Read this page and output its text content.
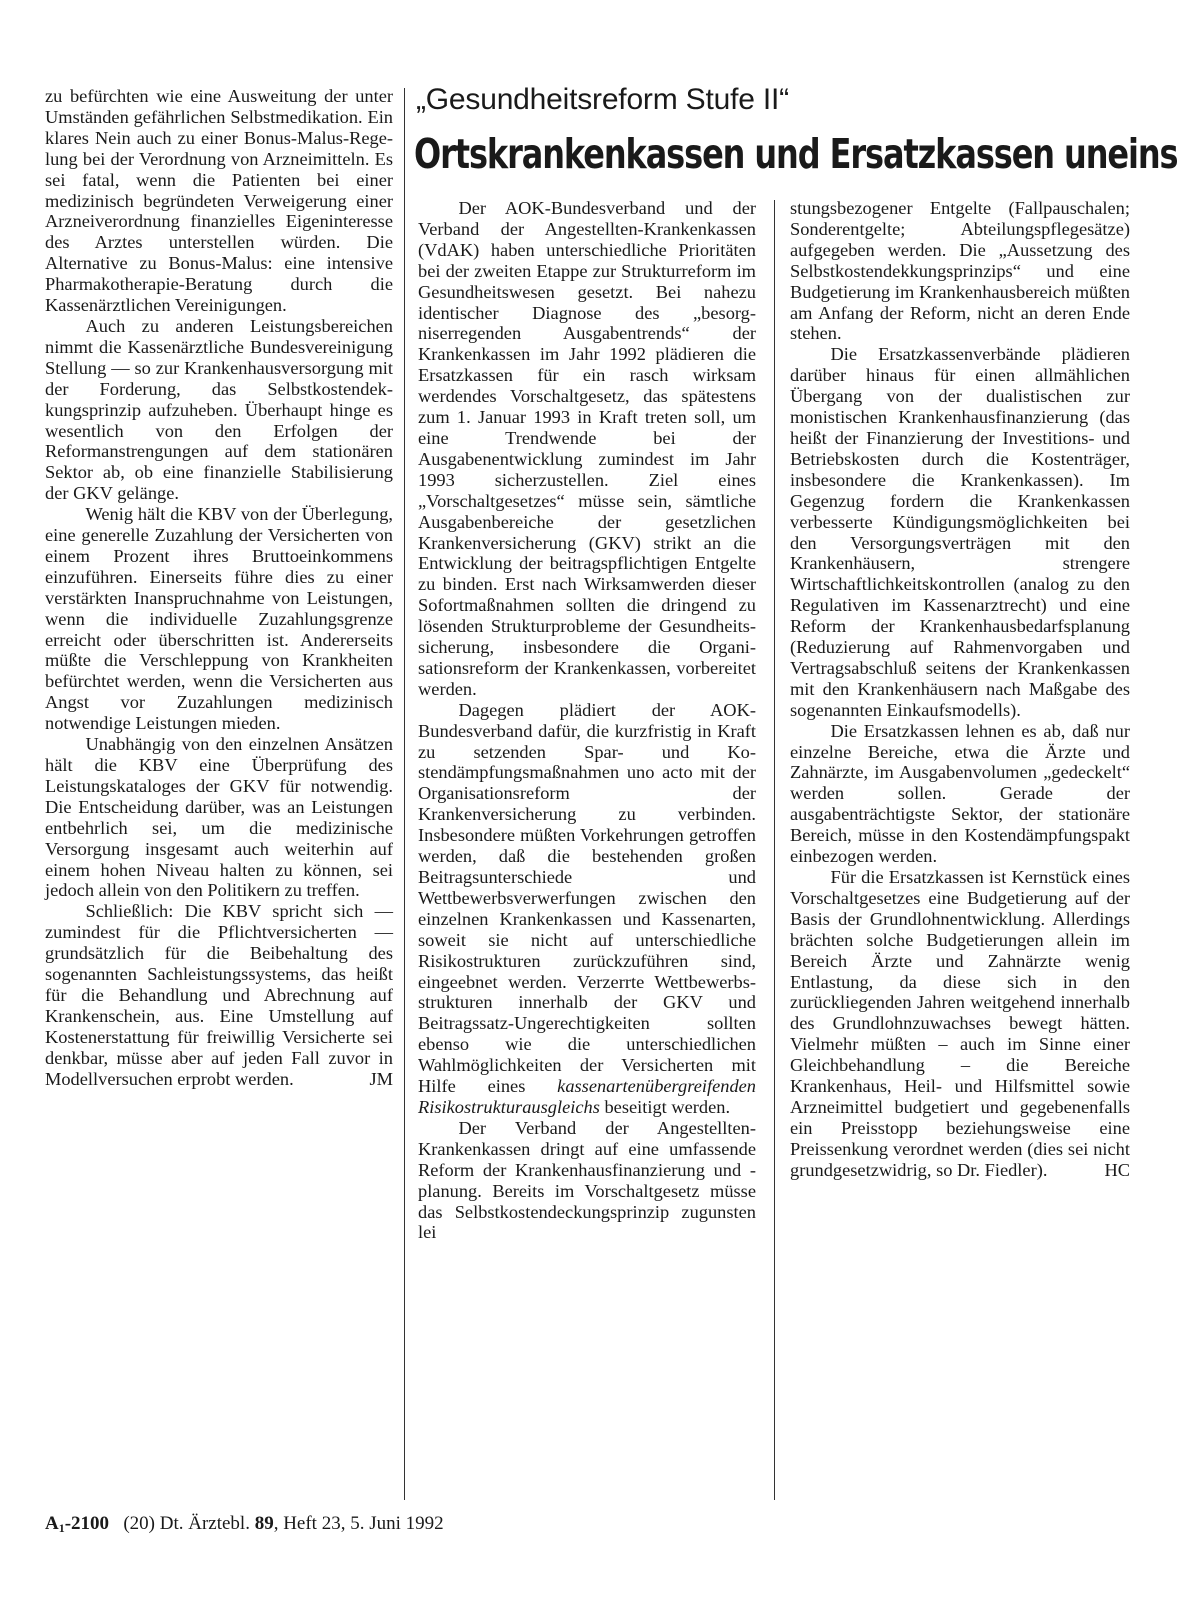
zu befürchten wie eine Ausweitung der unter Umständen gefährlichen Selbstmedikation. Ein klares Nein auch zu einer Bonus-Malus-Regelung bei der Verordnung von Arzneimitteln. Es sei fatal, wenn die Patienten bei einer medizinisch begründeten Verweigerung einer Arzneiverordnung finanzielles Eigeninteresse des Arztes unterstellen würden. Die Alternative zu Bonus-Malus: eine intensive Pharmakotherapie-Beratung durch die Kassenärztlichen Vereinigungen.

Auch zu anderen Leistungsbereichen nimmt die Kassenärztliche Bundesvereinigung Stellung — so zur Krankenhausversorgung mit der Forderung, das Selbstkostendekkungsprinzip aufzuheben. Überhaupt hinge es wesentlich von den Erfolgen der Reformanstrengungen auf dem stationären Sektor ab, ob eine finanzielle Stabilisierung der GKV gelänge.

Wenig hält die KBV von der Überlegung, eine generelle Zuzahlung der Versicherten von einem Prozent ihres Bruttoeinkommens einzuführen. Einerseits führe dies zu einer verstärkten Inanspruchnahme von Leistungen, wenn die individuelle Zuzahlungsgrenze erreicht oder überschritten ist. Andererseits müßte die Verschleppung von Krankheiten befürchtet werden, wenn die Versicherten aus Angst vor Zuzahlungen medizinisch notwendige Leistungen mieden.

Unabhängig von den einzelnen Ansätzen hält die KBV eine Überprüfung des Leistungskataloges der GKV für notwendig. Die Entscheidung darüber, was an Leistungen entbehrlich sei, um die medizinische Versorgung insgesamt auch weiterhin auf einem hohen Niveau halten zu können, sei jedoch allein von den Politikern zu treffen.

Schließlich: Die KBV spricht sich — zumindest für die Pflichtversicherten — grundsätzlich für die Beibehaltung des sogenannten Sachleistungssystems, das heißt für die Behandlung und Abrechnung auf Krankenschein, aus. Eine Umstellung auf Kostenerstattung für freiwillig Versicherte sei denkbar, müsse aber auf jeden Fall zuvor in Modellversuchen erprobt werden.	JM

„Gesundheitsreform Stufe II“
Ortskrankenkassen und Ersatzkassen uneins

Der AOK-Bundesverband und der Verband der Angestellten-Krankenkassen (VdAK) haben unterschiedliche Prioritäten bei der zweiten Etappe zur Strukturreform im Gesundheitswesen gesetzt. Bei nahezu identischer Diagnose des „besorgniserregenden Ausgabentrends“ der Krankenkassen im Jahr 1992 plädieren die Ersatzkassen für ein rasch wirksam werdendes Vorschaltgesetz, das spätestens zum 1. Januar 1993 in Kraft treten soll, um eine Trendwende bei der Ausgabenentwicklung zumindest im Jahr 1993 sicherzustellen. Ziel eines „Vorschaltgesetzes“ müsse sein, sämtliche Ausgabenbereiche der gesetzlichen Krankenversicherung (GKV) strikt an die Entwicklung der beitragspflichtigen Entgelte zu binden. Erst nach Wirksamwerden dieser Sofortmaßnahmen sollten die dringend zu lösenden Strukturprobleme der Gesundheitssicherung, insbesondere die Organisationsreform der Krankenkassen, vorbereitet werden.

Dagegen plädiert der AOK-Bundesverband dafür, die kurzfristig in Kraft zu setzenden Spar- und Kostendämpfungsmaßnahmen uno acto mit der Organisationsreform der Krankenversicherung zu verbinden. Insbesondere müßten Vorkehrungen getroffen werden, daß die bestehenden großen Beitragsunterschiede und Wettbewerbsverwerfungen zwischen den einzelnen Krankenkassen und Kassenarten, soweit sie nicht auf unterschiedliche Risikostrukturen zurückzuführen sind, eingeebnet werden. Verzerrte Wettbewerbsstrukturen innerhalb der GKV und Beitragssatz-Ungerechtigkeiten sollten ebenso wie die unterschiedlichen Wahlmöglichkeiten der Versicherten mit Hilfe eines kassenartenübergreifenden Risikostrukturausgleichs beseitigt werden.

Der Verband der Angestellten-Krankenkassen dringt auf eine umfassende Reform der Krankenhausfinanzierung und -planung. Bereits im Vorschaltgesetz müsse das Selbstkostendeckungsprinzip zugunsten lei

stungsbezogener Entgelte (Fallpauschalen; Sonderentgelte; Abteilungspflegesätze) aufgegeben werden. Die „Aussetzung des Selbstkostendekkungsprinzips“ und eine Budgetierung im Krankenhausbereich müßten am Anfang der Reform, nicht an deren Ende stehen.

Die Ersatzkassenverbände plädieren darüber hinaus für einen allmählichen Übergang von der dualistischen zur monistischen Krankenhausfinanzierung (das heißt der Finanzierung der Investitions- und Betriebskosten durch die Kostenträger, insbesondere die Krankenkassen). Im Gegenzug fordern die Krankenkassen verbesserte Kündigungsmöglichkeiten bei den Versorgungsverträgen mit den Krankenhäusern, strengere Wirtschaftlichkeitskontrollen (analog zu den Regulativen im Kassenarztrecht) und eine Reform der Krankenhausbedarfsplanung (Reduzierung auf Rahmenvorgaben und Vertragsabschluß seitens der Krankenkassen mit den Krankenhäusern nach Maßgabe des sogenannten Einkaufsmodells).

Die Ersatzkassen lehnen es ab, daß nur einzelne Bereiche, etwa die Ärzte und Zahnärzte, im Ausgabenvolumen „gedeckelt“ werden sollen. Gerade der ausgabenträchtigste Sektor, der stationäre Bereich, müsse in den Kostendämpfungspakt einbezogen werden.

Für die Ersatzkassen ist Kernstück eines Vorschaltgesetzes eine Budgetierung auf der Basis der Grundlohnentwicklung. Allerdings brächten solche Budgetierungen allein im Bereich Ärzte und Zahnärzte wenig Entlastung, da diese sich in den zurückliegenden Jahren weitgehend innerhalb des Grundlohnzuwachses bewegt hätten. Vielmehr müßten – auch im Sinne einer Gleichbehandlung – die Bereiche Krankenhaus, Heil- und Hilfsmittel sowie Arzneimittel budgetiert und gegebenenfalls ein Preisstopp beziehungsweise eine Preissenkung verordnet werden (dies sei nicht grundgesetzwidrig, so Dr. Fiedler).	HC

$A_1-2100$ (20) Dt. Ärztebl. 89, Heft 23, 5. Juni 1992
